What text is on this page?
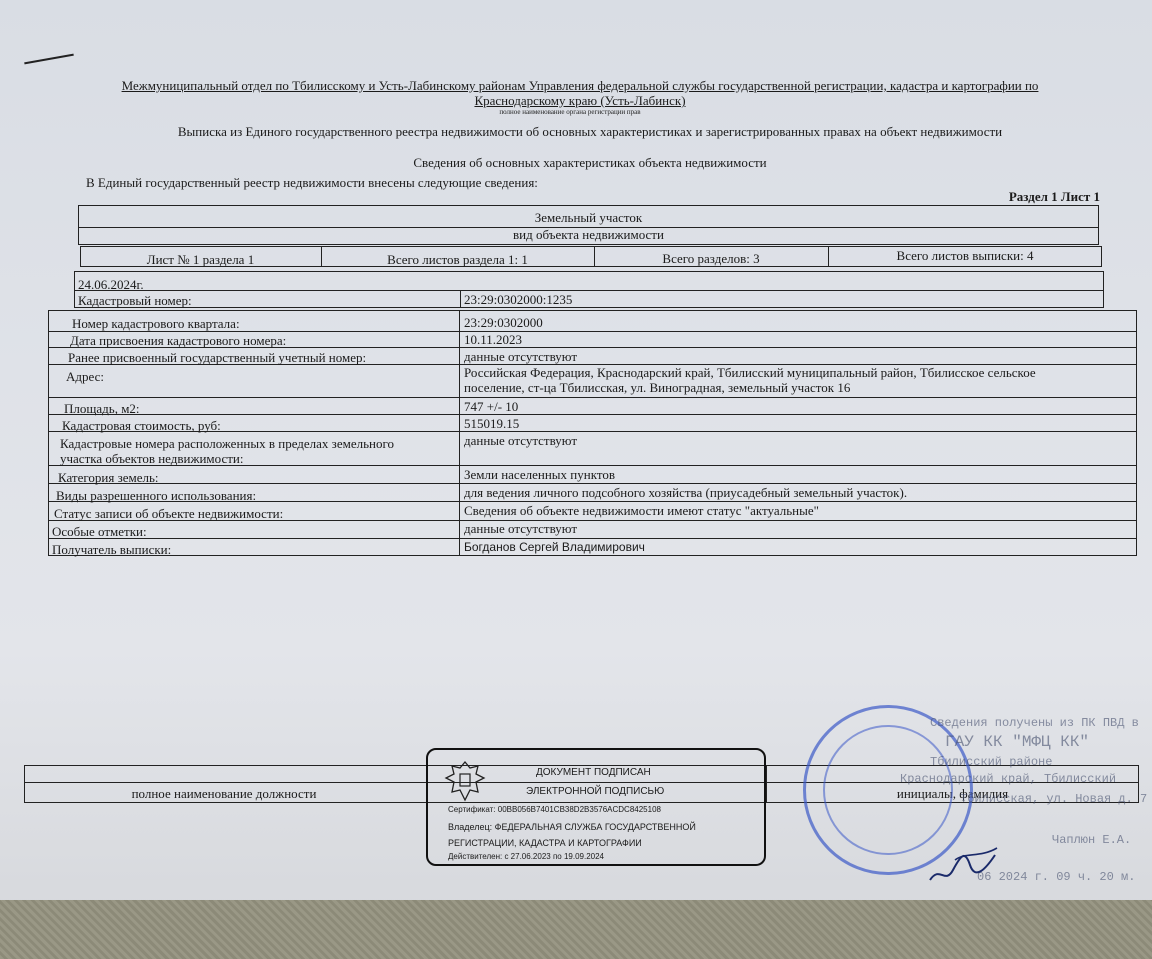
Межмуниципальный отдел по Тбилисскому и Усть-Лабинскому районам Управления федеральной службы государственной регистрации, кадастра и картографии по Краснодарскому краю (Усть-Лабинск)
полное наименование органа регистрации прав
Выписка из Единого государственного реестра недвижимости об основных характеристиках и зарегистрированных правах на объект недвижимости
Сведения об основных характеристиках объекта недвижимости
В Единый государственный реестр недвижимости внесены следующие сведения:
Раздел 1 Лист 1
Земельный участок
вид объекта недвижимости
Лист № 1 раздела 1	Всего листов раздела 1: 1	Всего разделов: 3	Всего листов выписки: 4
24.06.2024г.
Кадастровый номер:	23:29:0302000:1235
Номер кадастрового квартала:	23:29:0302000
Дата присвоения кадастрового номера:	10.11.2023
Ранее присвоенный государственный учетный номер:	данные отсутствуют
Адрес:	Российская Федерация, Краснодарский край, Тбилисский муниципальный район, Тбилисское сельское
поселение, ст-ца Тбилисская, ул. Виноградная, земельный участок 16
Площадь, м2:	747 +/- 10
Кадастровая стоимость, руб:	515019.15
Кадастровые номера расположенных в пределах земельного
участка объектов недвижимости:
данные отсутствуют
Категория земель:	Земли населенных пунктов
Виды разрешенного использования:	для ведения личного подсобного хозяйства (приусадебный земельный участок).
Статус записи об объекте недвижимости:	Сведения об объекте недвижимости имеют статус "актуальные"
Особые отметки:	данные отсутствуют
Получатель выписки:	Богданов Сергей Владимирович
полное наименование должности	инициалы, фамилия
ДОКУМЕНТ ПОДПИСАН
ЭЛЕКТРОННОЙ ПОДПИСЬЮ
Сертификат: 00BB056B7401CB38D2B3576ACDC8425108
Владелец: ФЕДЕРАЛЬНАЯ СЛУЖБА ГОСУДАРСТВЕННОЙ
РЕГИСТРАЦИИ, КАДАСТРА И КАРТОГРАФИИ
Действителен: с 27.06.2023 по 19.09.2024
Сведения получены из ПК ПВД в
ГАУ КК "МФЦ КК"
Тбилисский районе
Краснодарский край, Тбилисский
Тбилисская, ул. Новая д. 7
Чаплюн Е.А.
06 2024 г. 09 ч. 20 м.
